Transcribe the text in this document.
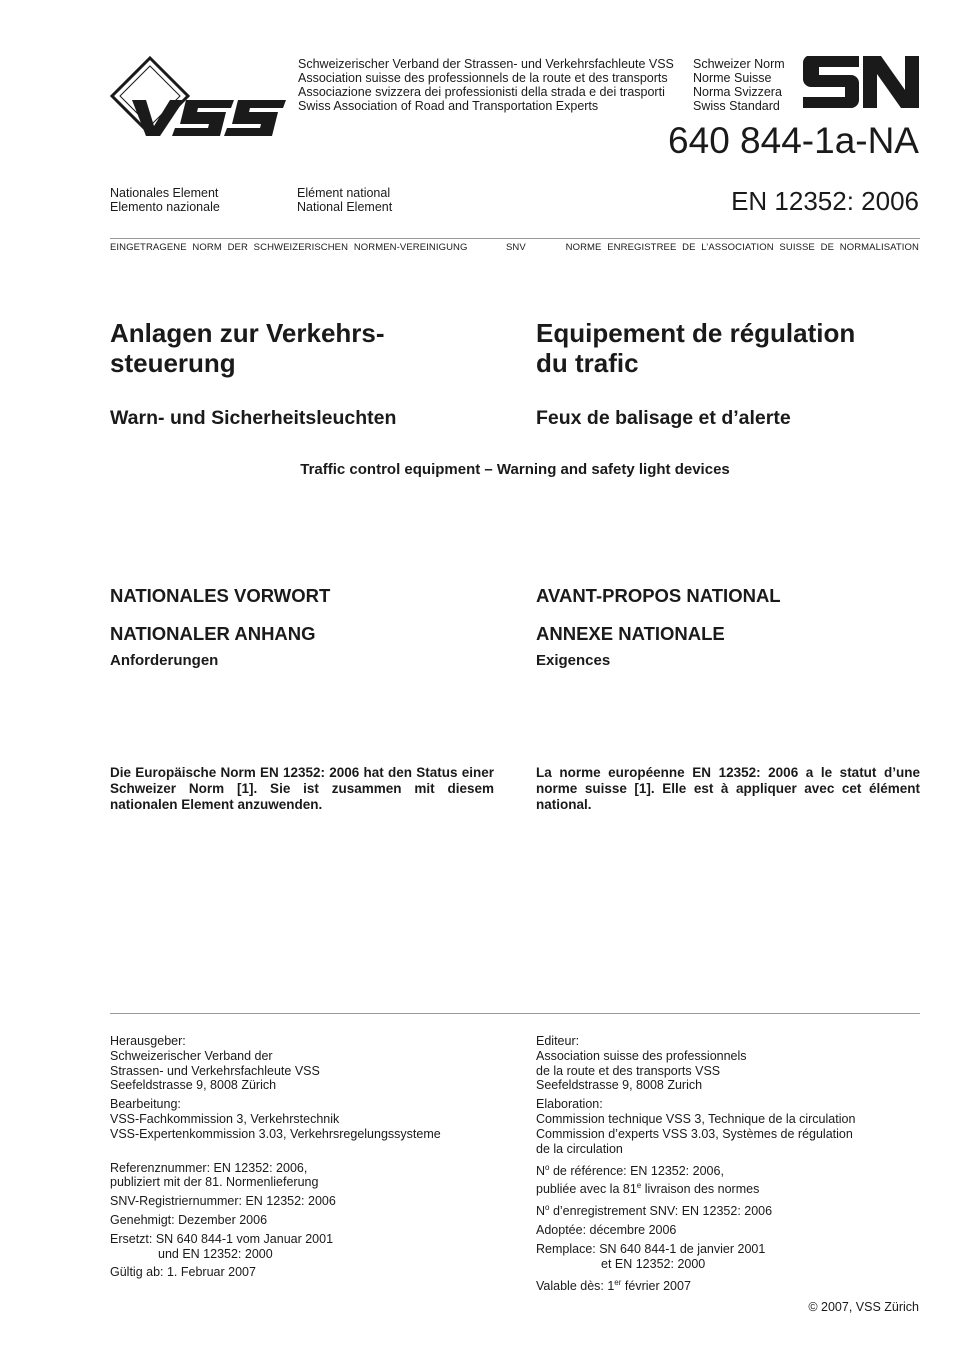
Schweizerischer Verband der Strassen- und Verkehrsfachleute VSS
Association suisse des professionnels de la route et des transports
Associazione svizzera dei professionisti della strada e dei trasporti
Swiss Association of Road and Transportation Experts
Schweizer Norm
Norme Suisse
Norma Svizzera
Swiss Standard
640 844-1a-NA
EN 12352: 2006
Nationales Element
Elemento nazionale
Elément national
National Element
EINGETRAGENE NORM DER SCHWEIZERISCHEN NORMEN-VEREINIGUNG	SNV	NORME ENREGISTREE DE L’ASSOCIATION SUISSE DE NORMALISATION
Anlagen zur Verkehrs-
steuerung
Equipement de régulation
du trafic
Warn- und Sicherheitsleuchten	Feux de balisage et d’alerte
Traffic control equipment – Warning and safety light devices
NATIONALES VORWORT	AVANT-PROPOS NATIONAL
NATIONALER ANHANG	ANNEXE NATIONALE
Anforderungen	Exigences
Die Europäische Norm EN 12352: 2006 hat den Status einer Schweizer Norm [1]. Sie ist zusammen mit diesem nationalen Element anzuwenden.
La norme européenne EN 12352: 2006 a le statut d’une norme suisse [1]. Elle est à appliquer avec cet élément national.
Herausgeber:
Schweizerischer Verband der
Strassen- und Verkehrsfachleute VSS
Seefeldstrasse 9, 8008 Zürich
Bearbeitung:
VSS-Fachkommission 3, Verkehrstechnik
VSS-Expertenkommission 3.03, Verkehrsregelungssysteme
Referenznummer: EN 12352: 2006,
publiziert mit der 81. Normenlieferung
SNV-Registriernummer: EN 12352: 2006
Genehmigt: Dezember 2006
Ersetzt: SN 640 844-1 vom Januar 2001
und EN 12352: 2000
Gültig ab: 1. Februar 2007
Editeur:
Association suisse des professionnels
de la route et des transports VSS
Seefeldstrasse 9, 8008 Zurich
Elaboration:
Commission technique VSS 3, Technique de la circulation
Commission d’experts VSS 3.03, Systèmes de régulation
de la circulation
$N^o$ de référence: EN 12352: 2006,
publiée avec la 81e livraison des normes
$N^o$ d’enregistrement SNV: EN 12352: 2006
Adoptée: décembre 2006
Remplace: SN 640 844-1 de janvier 2001
et EN 12352: 2000
Valable dès: 1er février 2007
© 2007, VSS Zürich
